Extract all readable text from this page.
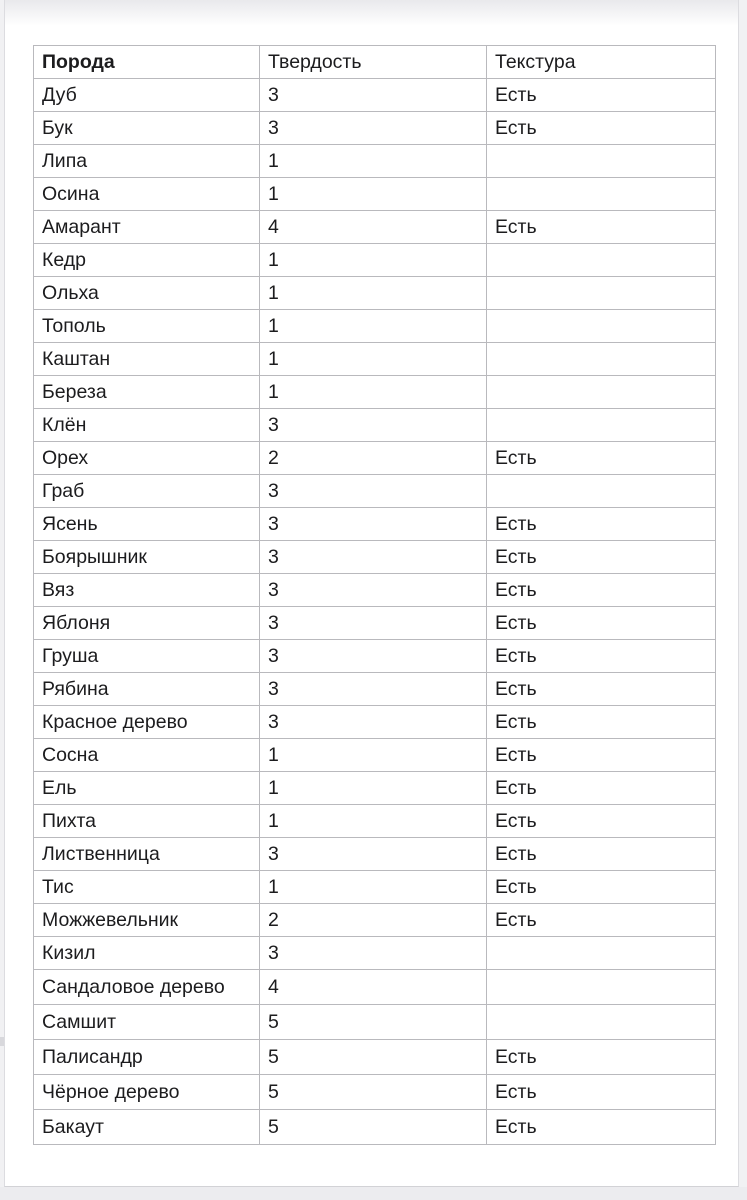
Порода	Твердость	Текстура
Дуб	3	Есть
Бук	3	Есть
Липа	1	
Осина	1	
Амарант	4	Есть
Кедр	1	
Ольха	1	
Тополь	1	
Каштан	1	
Береза	1	
Клён	3	
Орех	2	Есть
Граб	3	
Ясень	3	Есть
Боярышник	3	Есть
Вяз	3	Есть
Яблоня	3	Есть
Груша	3	Есть
Рябина	3	Есть
Красное дерево	3	Есть
Сосна	1	Есть
Ель	1	Есть
Пихта	1	Есть
Лиственница	3	Есть
Тис	1	Есть
Можжевельник	2	Есть
Кизил	3	
Сандаловое дерево	4	
Самшит	5	
Палисандр	5	Есть
Чёрное дерево	5	Есть
Бакаут	5	Есть
